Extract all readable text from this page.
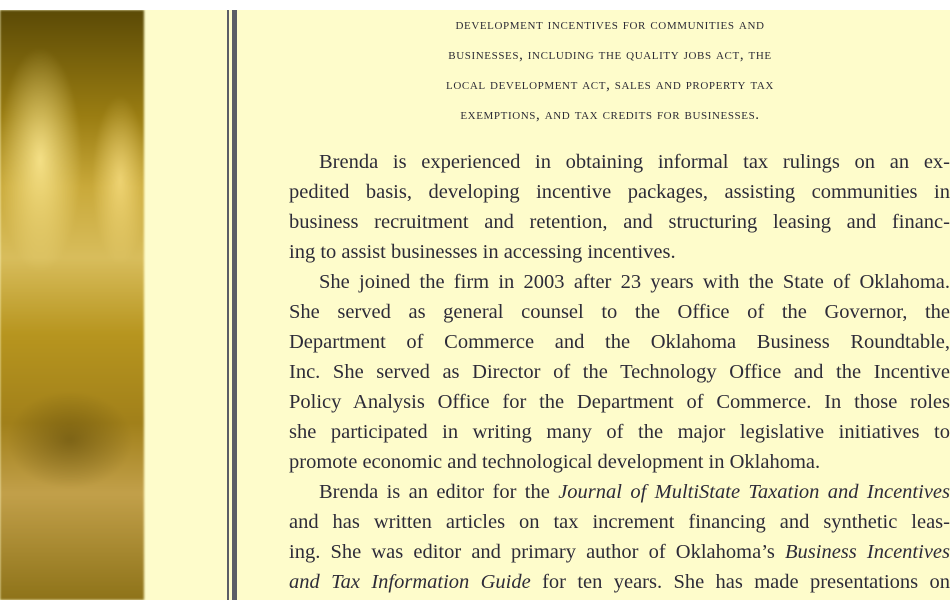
development incentives for communities and
businesses, including the quality jobs act, the
local development act, sales and property tax
exemptions, and tax credits for businesses.
Brenda is experienced in obtaining informal tax rulings on an ex-
pedited basis, developing incentive packages, assisting communities in
business recruitment and retention, and structuring leasing and financ-
ing to assist businesses in accessing incentives.
She joined the firm in 2003 after 23 years with the State of Oklahoma.
She served as general counsel to the Office of the Governor, the
Department of Commerce and the Oklahoma Business Roundtable,
Inc. She served as Director of the Technology Office and the Incentive
Policy Analysis Office for the Department of Commerce. In those roles
she participated in writing many of the major legislative initiatives to
promote economic and technological development in Oklahoma.
Brenda is an editor for the Journal of MultiState Taxation and Incentives
and has written articles on tax increment financing and synthetic leas-
ing. She was editor and primary author of Oklahoma’s Business Incentives
and Tax Information Guide for ten years. She has made presentations on
